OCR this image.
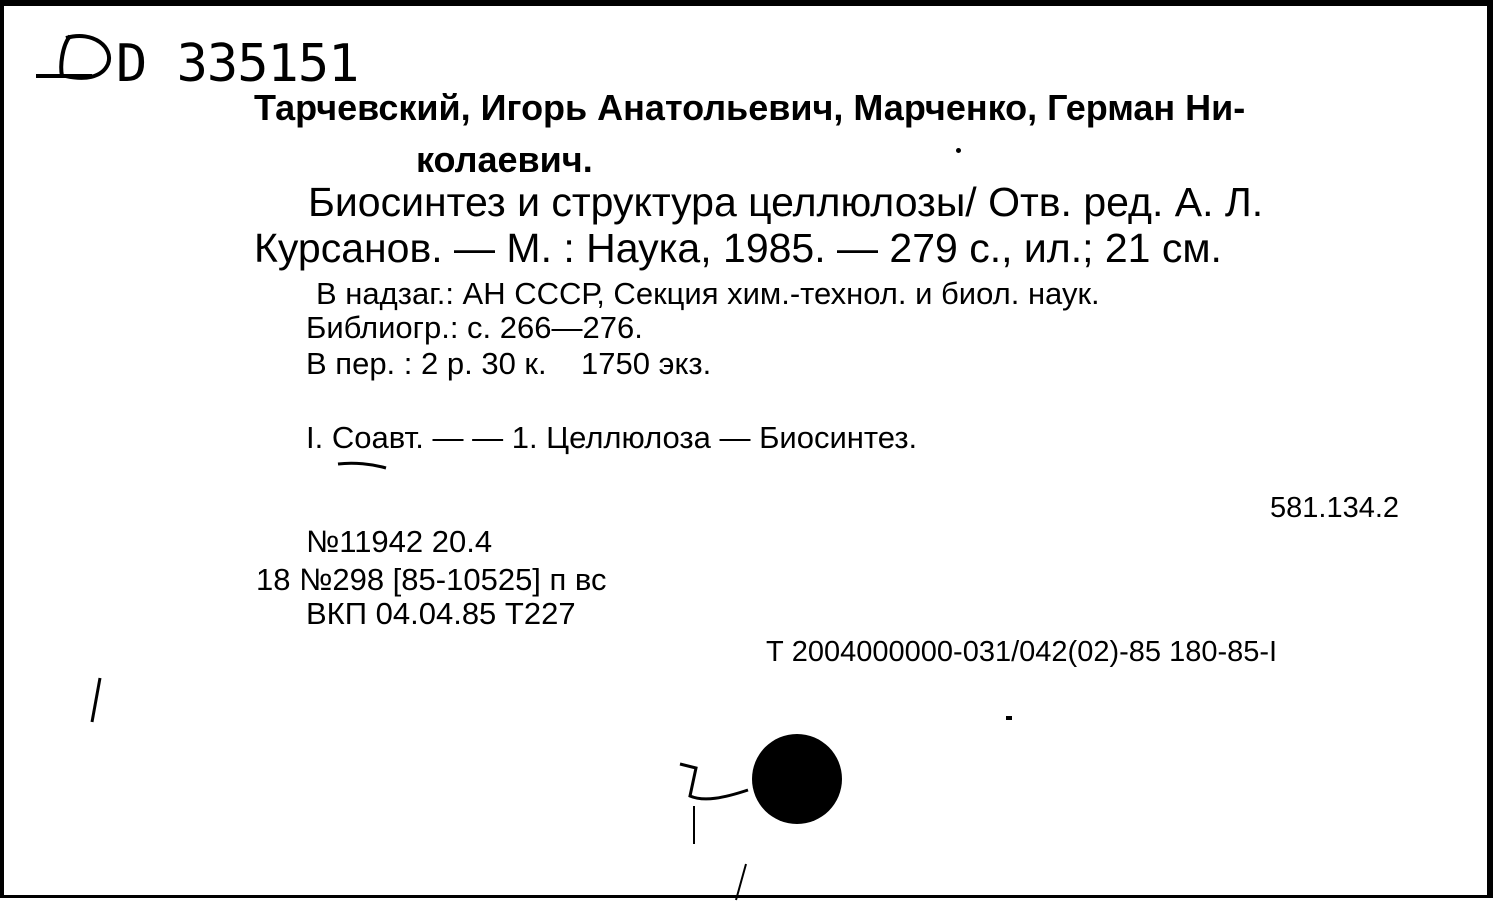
D 335151
Тарчевский, Игорь Анатольевич, Марченко, Герман Ни-
колаевич.
Биосинтез и структура целлюлозы/ Отв. ред. А. Л.
Курсанов. — М. : Наука, 1985. — 279 с., ил.; 21 см.
В надзаг.: АН СССР, Секция хим.-технол. и биол. наук.
Библиогр.: с. 266—276.
В пер. : 2 р. 30 к.    1750 экз.
I. Соавт. — — 1. Целлюлоза — Биосинтез.
581.134.2
№11942 20.4
18 №298 [85-10525] п вс
ВКП 04.04.85 Т227
Т 2004000000-031/042(02)-85 180-85-I
